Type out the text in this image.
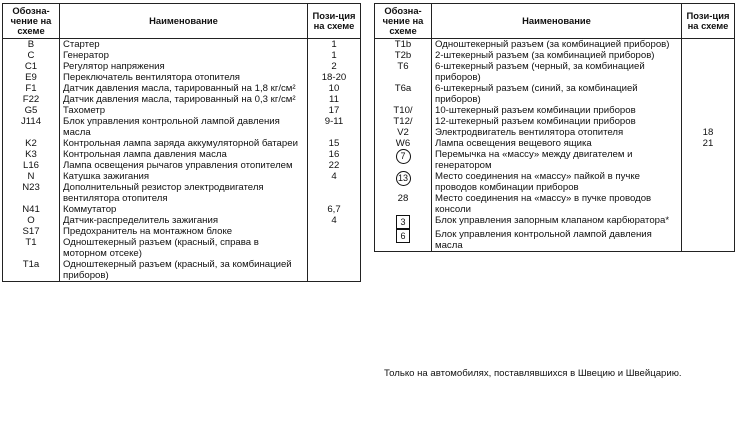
Обозна-чение на схеме	Наименование	Пози-ция на схеме
B	Стартер	1
C	Генератор	1
C1	Регулятор напряжения	2
E9	Переключатель вентилятора отопителя	18-20
F1	Датчик давления масла, тарированный на 1,8 кг/см²	10
F22	Датчик давления масла, тарированный на 0,3 кг/см²	11
G5	Тахометр	17
J114	Блок управления контрольной лампой давления масла	9-11
K2	Контрольная лампа заряда аккумуляторной батареи	15
K3	Контрольная лампа давления масла	16
L16	Лампа освещения рычагов управления отопителем	22
N	Катушка зажигания	4
N23	Дополнительный резистор электродвигателя вентилятора отопителя	
N41	Коммутатор	6,7
O	Датчик-распределитель зажигания	4
S17	Предохранитель на монтажном блоке	
T1	Одноштекерный разъем (красный, справа в моторном отсеке)	
T1a	Одноштекерный разъем (красный, за комбинацией приборов)	
Обозна-чение на схеме	Наименование	Пози-ция на схеме
T1b	Одноштекерный разъем (за комбинацией приборов)	
T2b	2-штекерный разъем (за комбинацией приборов)	
T6	6-штекерный разъем (черный, за комбинацией приборов)	
T6a	6-штекерный разъем (синий, за комбинацией приборов)	
T10/	10-штекерный разъем комбинации приборов	
T12/	12-штекерный разъем комбинации приборов	
V2	Электродвигатель вентилятора отопителя	18
W6	Лампа освещения вещевого ящика	21
7	Перемычка на «массу» между двигателем и генератором	
13	Место соединения на «массу» пайкой в пучке проводов комбинации приборов	
28	Место соединения на «массу» в пучке проводов консоли	
3	Блок управления запорным клапаном карбюратора*	
6	Блок управления контрольной лампой давления масла	
Только на автомобилях, поставлявшихся в Швецию и Швейцарию.
